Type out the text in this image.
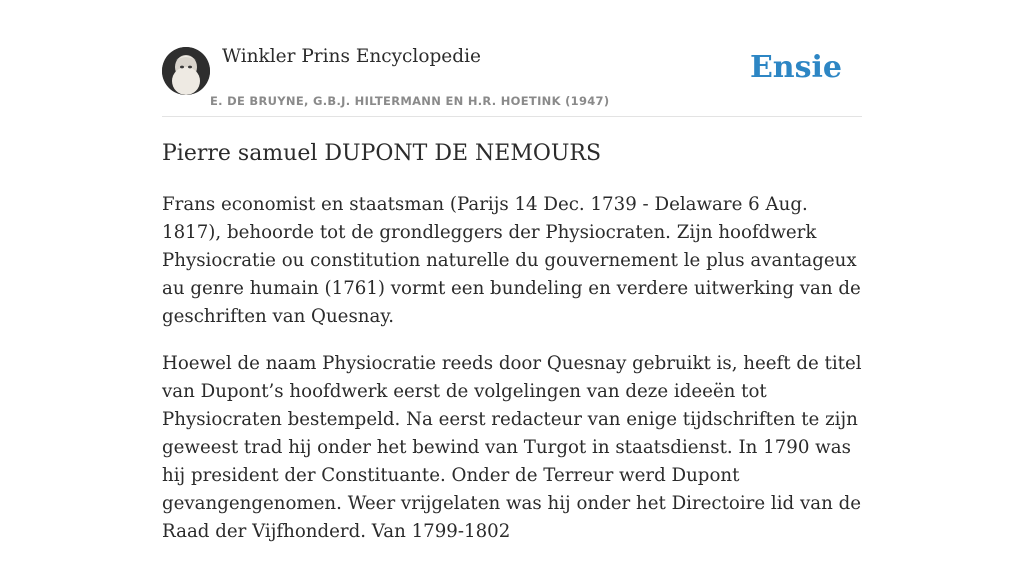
Winkler Prins Encyclopedie
E. DE BRUYNE, G.B.J. HILTERMANN EN H.R. HOETINK (1947)
Ensie
Pierre samuel DUPONT DE NEMOURS

Frans economist en staatsman (Parijs 14 Dec. 1739 - Delaware 6 Aug. 1817), behoorde tot de grondleggers der Physiocraten. Zijn hoofdwerk Physiocratie ou constitution naturelle du gouvernement le plus avantageux au genre humain (1761) vormt een bundeling en verdere uitwerking van de geschriften van Quesnay.

Hoewel de naam Physiocratie reeds door Quesnay gebruikt is, heeft de titel van Dupont’s hoofdwerk eerst de volgelingen van deze ideeën tot Physiocraten bestempeld. Na eerst redacteur van enige tijdschriften te zijn geweest trad hij onder het bewind van Turgot in staatsdienst. In 1790 was hij president der Constituante. Onder de Terreur werd Dupont gevangengenomen. Weer vrijgelaten was hij onder het Directoire lid van de Raad der Vijfhonderd. Van 1799-1802
